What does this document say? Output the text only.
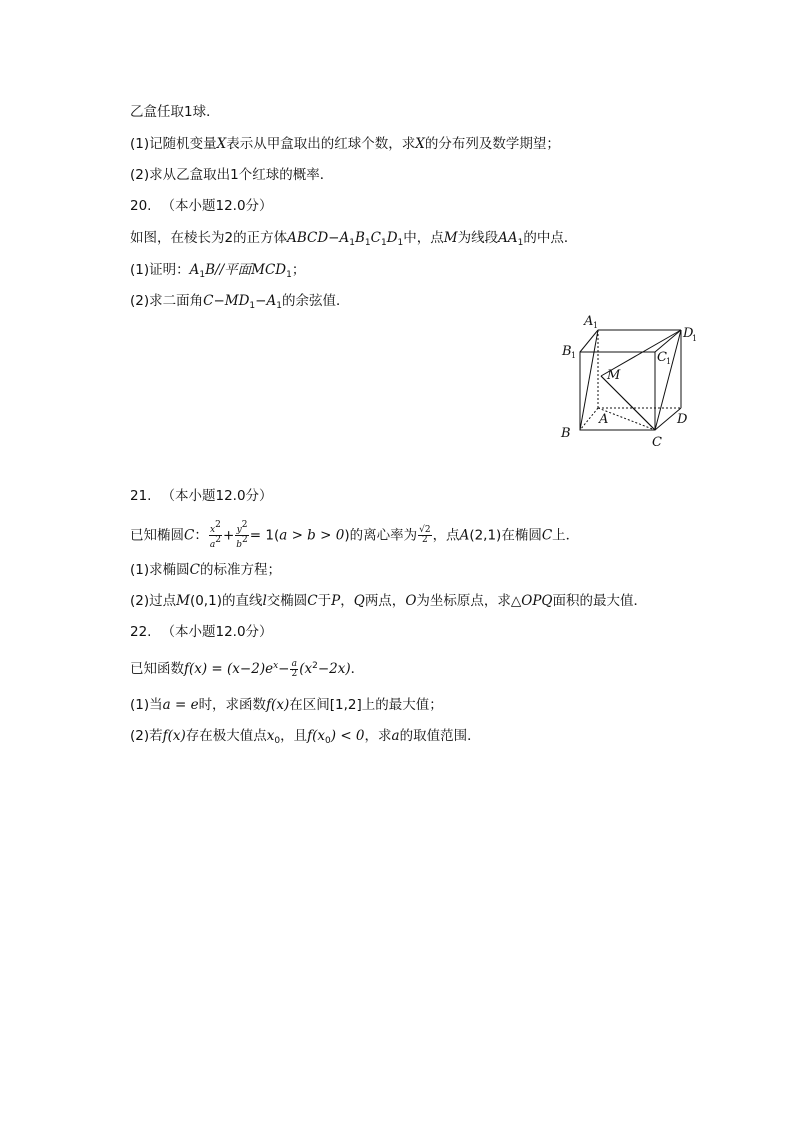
乙盒任取1球．
(1)记随机变量X表示从甲盒取出的红球个数，求X的分布列及数学期望；
(2)求从乙盒取出1个红球的概率．
20. （本小题12.0分）
如图，在棱长为2的正方体$ABCD-A_1B_1C_1D_1$中，点M为线段$AA_1$的中点．
(1)证明：$A_1B//$平面$MCD_1$；
(2)求二面角$C-MD_1-A_1$的余弦值．
A 1
B 1	C 1
D
1
M
A
B
C
D
21. （本小题12.0分）
已知椭圆C： $\frac{x^2}{a^2} + \frac{y^2}{b^2} = 1(a > b > 0)$的离心率为 $\frac{√2}{2}$ ，点A(2,1)在椭圆C上．
(1)求椭圆C的标准方程；
(2)过点M(0,1)的直线l交椭圆C于P，Q两点，O为坐标原点，求△OPQ面积的最大值．
22. （本小题12.0分）
已知函数$f(x) = (x-2)e^x- \frac{a}{2} (x^2-2x)$．
(1)当a = e时，求函数f(x)在区间[1,2]上的最大值；
(2)若f(x)存在极大值点$x_0$，且$f(x_0) < 0$，求a的取值范围．
